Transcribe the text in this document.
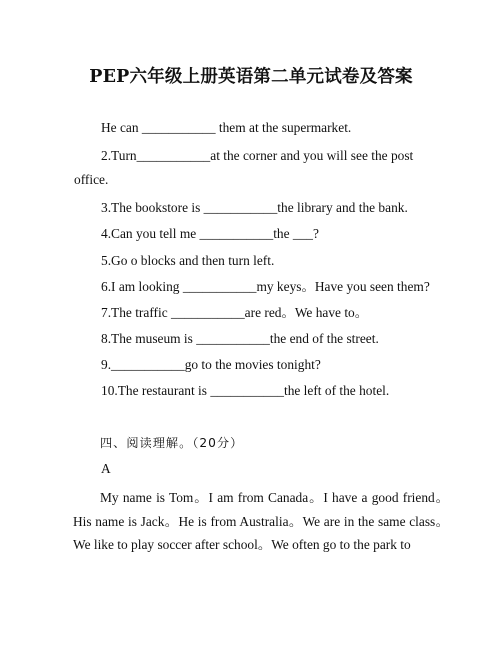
PEP六年级上册英语第二单元试卷及答案
He can ___________ them at the supermarket.
2.Turn___________at the corner and you will see the post
office.
3.The bookstore is ___________the library and the bank.
4.Can you tell me ___________the ___?
5.Go o blocks and then turn left.
6.I am looking ___________my keys。Have you seen them?
7.The traffic ___________are red。We have to。
8.The museum is ___________the end of the street.
9.___________go to the movies tonight?
10.The restaurant is ___________the left of the hotel.
四、阅读理解。（20分）
A
My name is Tom。I am from Canada。I have a good friend。His name is Jack。He is from Australia。We are in the same class。We like to play soccer after school。We often go to the park to
